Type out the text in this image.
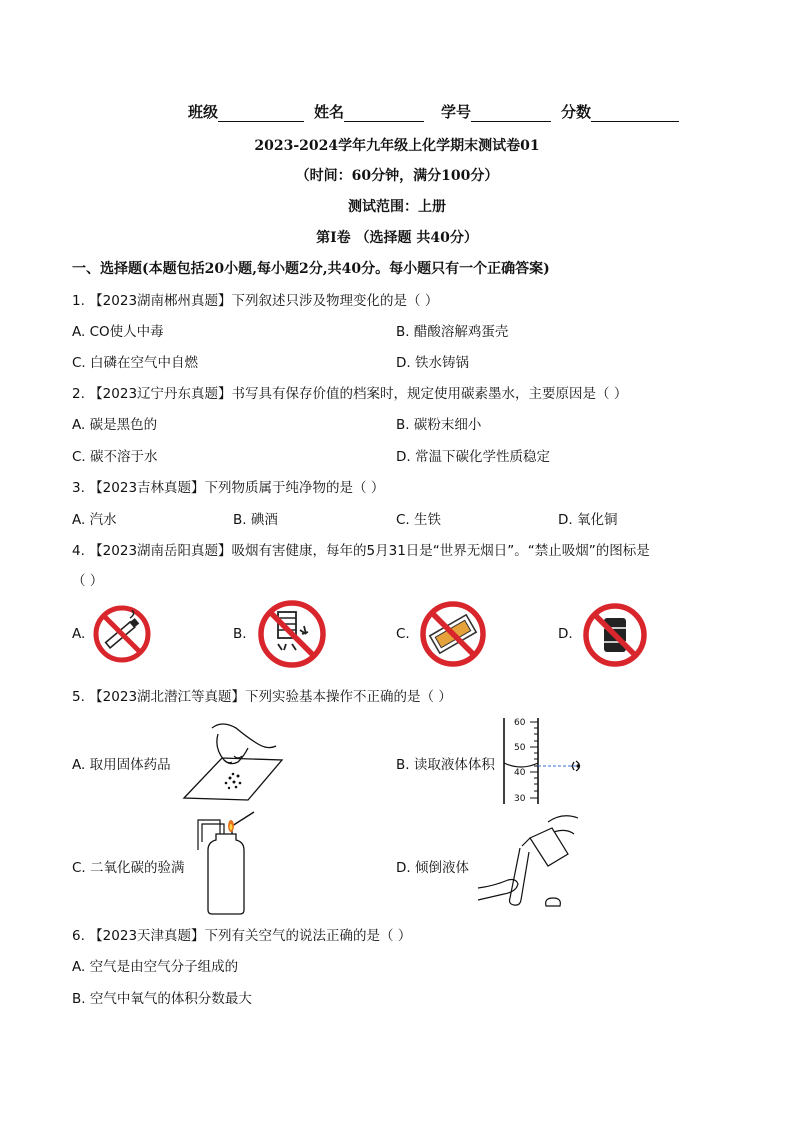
班级	姓名	学号	分数
2023-2024学年九年级上化学期末测试卷01
（时间：60分钟，满分100分）
测试范围：上册
第Ⅰ卷 （选择题 共40分）
一、选择题(本题包括20小题,每小题2分,共40分。每小题只有一个正确答案)
1. 【2023湖南郴州真题】下列叙述只涉及物理变化的是（ ）
A. CO使人中毒	B. 醋酸溶解鸡蛋壳
C. 白磷在空气中自燃	D. 铁水铸锅
2. 【2023辽宁丹东真题】书写具有保存价值的档案时，规定使用碳素墨水，主要原因是（ ）
A. 碳是黑色的	B. 碳粉末细小
C. 碳不溶于水	D. 常温下碳化学性质稳定
3. 【2023吉林真题】下列物质属于纯净物的是（ ）
A. 汽水	B. 碘酒	C. 生铁	D. 氧化铜
4. 【2023湖南岳阳真题】吸烟有害健康，每年的5月31日是“世界无烟日”。“禁止吸烟”的图标是
（ ）
A.	B.	C.	D.
5. 【2023湖北潜江等真题】下列实验基本操作不正确的是（ ）
A. 取用固体药品	B. 读取液体体积
60
50
40
30
C. 二氧化碳的验满	D. 倾倒液体
6. 【2023天津真题】下列有关空气的说法正确的是（ ）
A. 空气是由空气分子组成的
B. 空气中氧气的体积分数最大
